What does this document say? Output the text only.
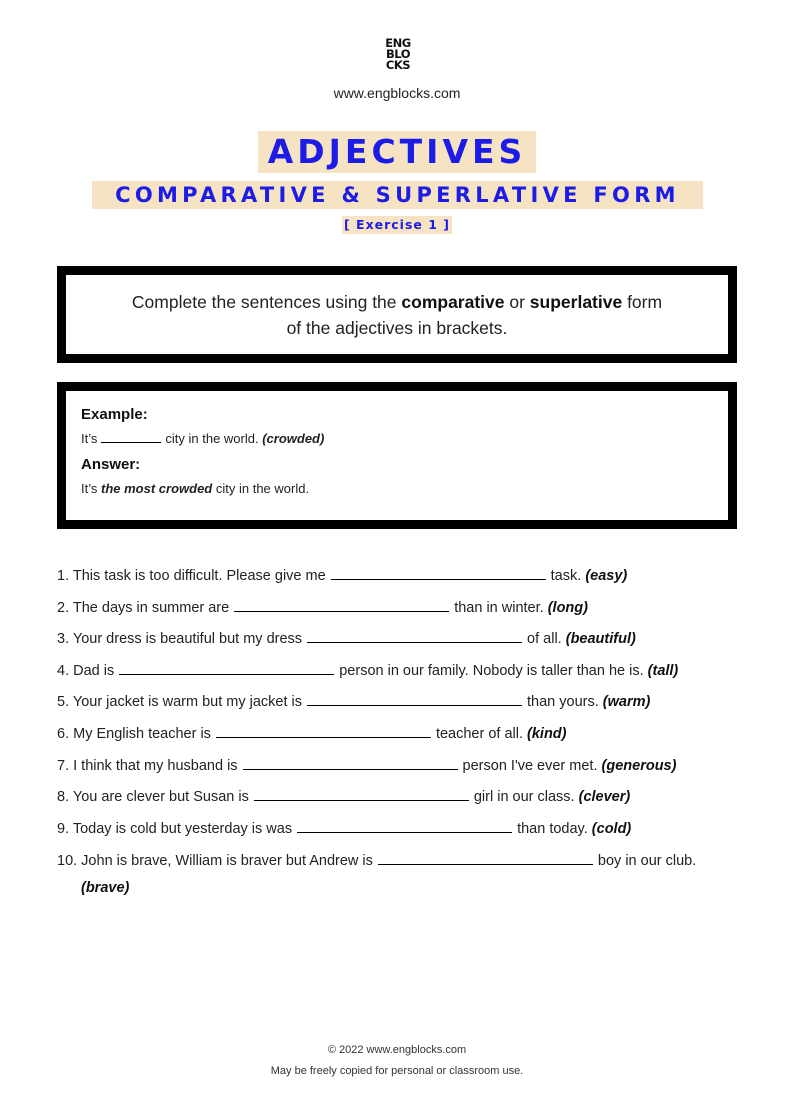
ENG
BLO
CKS
www.engblocks.com
ADJECTIVES
COMPARATIVE & SUPERLATIVE FORM
[ Exercise 1 ]
Complete the sentences using the comparative or superlative form
of the adjectives in brackets.

Example:

It’s	city in the world. (crowded)

Answer:

It’s the most crowded city in the world.

1. This task is too difficult. Please give me	task. (easy)
2. The days in summer are	than in winter. (long)
3. Your dress is beautiful but my dress	of all. (beautiful)
4. Dad is	person in our family. Nobody is taller than he is. (tall)
5. Your jacket is warm but my jacket is	than yours. (warm)
6. My English teacher is	teacher of all. (kind)
7. I think that my husband is	person I've ever met. (generous)
8. You are clever but Susan is	girl in our class. (clever)
9. Today is cold but yesterday is was	than today. (cold)
10. John is brave, William is braver but Andrew is	boy in our club. (brave)
© 2022 www.engblocks.com
May be freely copied for personal or classroom use.
